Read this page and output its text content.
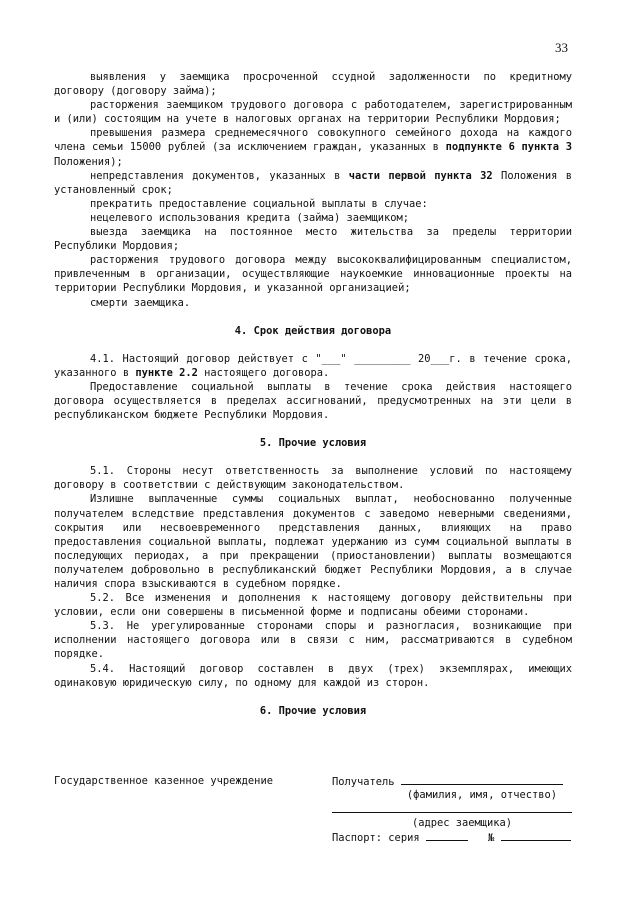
33

выявления у заемщика просроченной ссудной задолженности по кредитному договору (договору займа);

расторжения заемщиком трудового договора с работодателем, зарегистрированным и (или) состоящим на учете в налоговых органах на территории Республики Мордовия;

превышения размера среднемесячного совокупного семейного дохода на каждого члена семьи 15000 рублей (за исключением граждан, указанных в подпункте 6 пункта 3 Положения);

непредставления документов, указанных в части первой пункта 32 Положения в установленный срок;

прекратить предоставление социальной выплаты в случае:

нецелевого использования кредита (займа) заемщиком;

выезда заемщика на постоянное место жительства за пределы территории Республики Мордовия;

расторжения трудового договора между высококвалифицированным специалистом, привлеченным в организации, осуществляющие наукоемкие инновационные проекты на территории Республики Мордовия, и указанной организацией;

смерти заемщика.

4. Срок действия договора

4.1. Настоящий договор действует с "___" _________ 20___г. в течение срока, указанного в пункте 2.2 настоящего договора.

Предоставление социальной выплаты в течение срока действия настоящего договора осуществляется в пределах ассигнований, предусмотренных на эти цели в республиканском бюджете Республики Мордовия.

5. Прочие условия

5.1. Стороны несут ответственность за выполнение условий по настоящему договору в соответствии с действующим законодательством.

Излишне выплаченные суммы социальных выплат, необоснованно полученные получателем вследствие представления документов с заведомо неверными сведениями, сокрытия или несвоевременного представления данных, влияющих на право предоставления социальной выплаты, подлежат удержанию из сумм социальной выплаты в последующих периодах, а при прекращении (приостановлении) выплаты возмещаются получателем добровольно в республиканский бюджет Республики Мордовия, а в случае наличия спора взыскиваются в судебном порядке.

5.2. Все изменения и дополнения к настоящему договору действительны при условии, если они совершены в письменной форме и подписаны обеими сторонами.

5.3. Не урегулированные сторонами споры и разногласия, возникающие при исполнении настоящего договора или в связи с ним, рассматриваются в судебном порядке.

5.4. Настоящий договор составлен в двух (трех) экземплярах, имеющих одинаковую юридическую силу, по одному для каждой из сторон.

6. Прочие условия
Государственное казенное учреждение	Получатель
(фамилия, имя, отчество)
(адрес заемщика)
Паспорт: серия	№
